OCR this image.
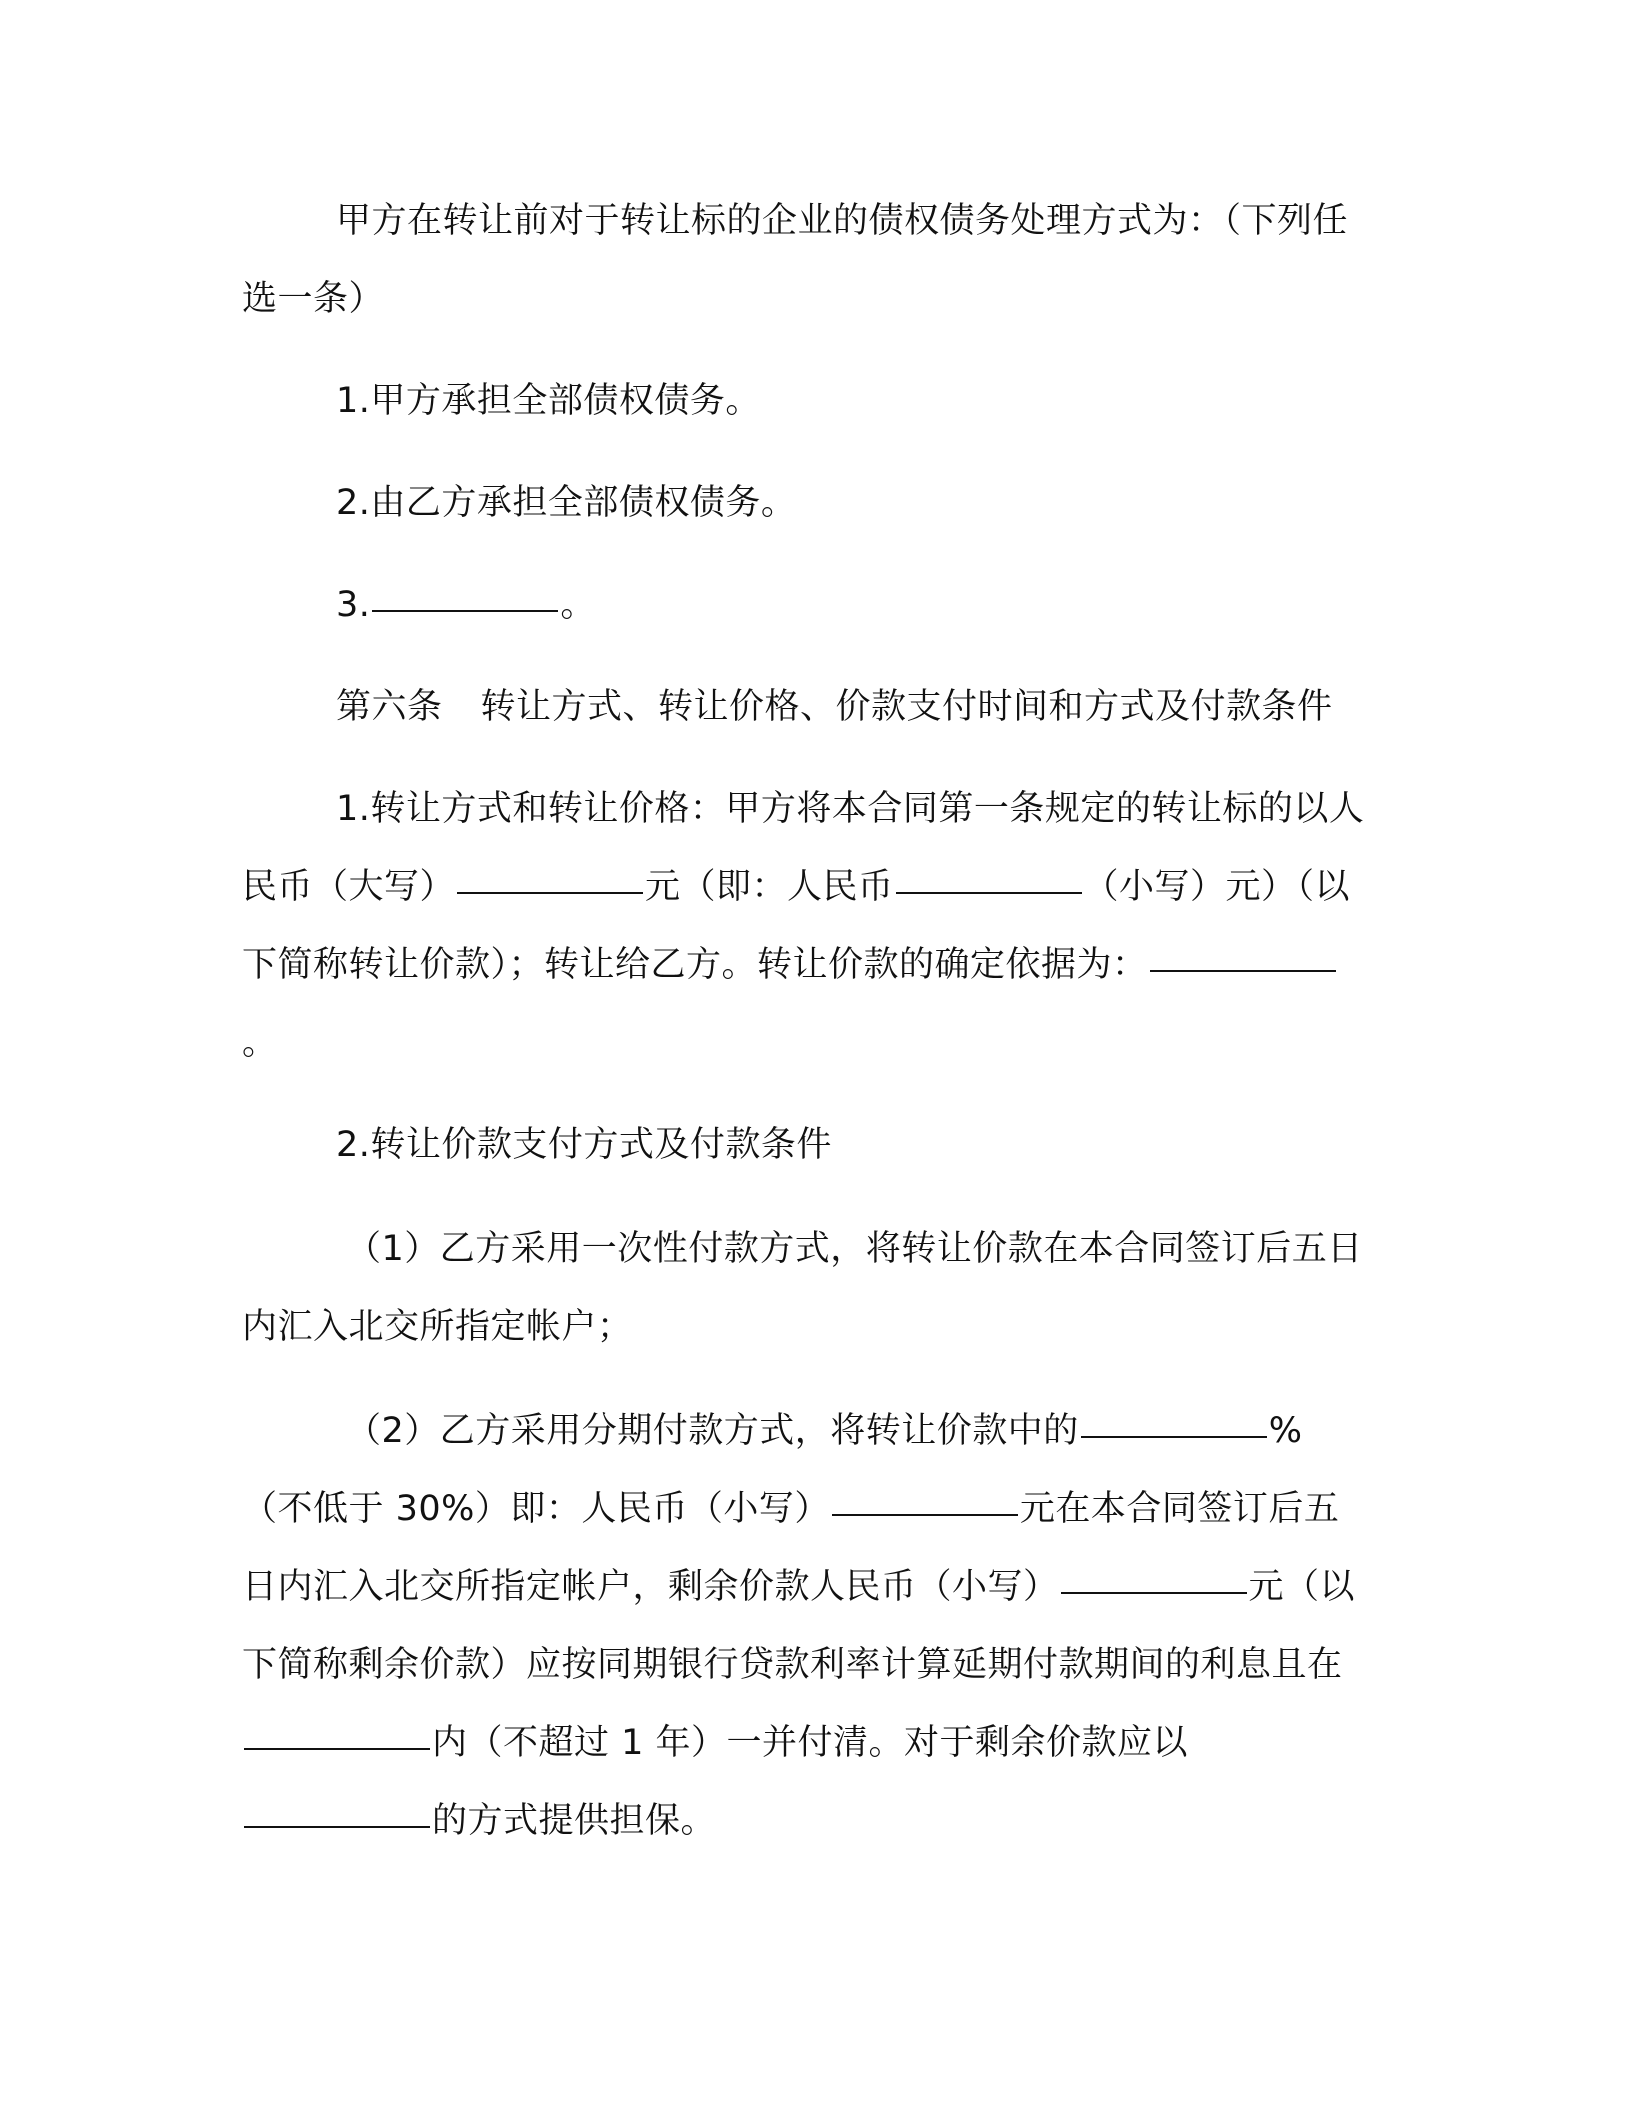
甲方在转让前对于转让标的企业的债权债务处理方式为：（下列任选一条）

1.甲方承担全部债权债务。

2.由乙方承担全部债权债务。

3.	。

第六条 转让方式、转让价格、价款支付时间和方式及付款条件

1.转让方式和转让价格：甲方将本合同第一条规定的转让标的以人民币（大写）	元（即：人民币	（小写）元）（以下简称转让价款）；转让给乙方。转让价款的确定依据为：。

2.转让价款支付方式及付款条件

（1）乙方采用一次性付款方式，将转让价款在本合同签订后五日内汇入北交所指定帐户；

（2）乙方采用分期付款方式，将转让价款中的	%（不低于 30%）即：人民币（小写）	元在本合同签订后五日内汇入北交所指定帐户，剩余价款人民币（小写）	元（以下简称剩余价款）应按同期银行贷款利率计算延期付款期间的利息且在内（不超过 1 年）一并付清。对于剩余价款应以的方式提供担保。
